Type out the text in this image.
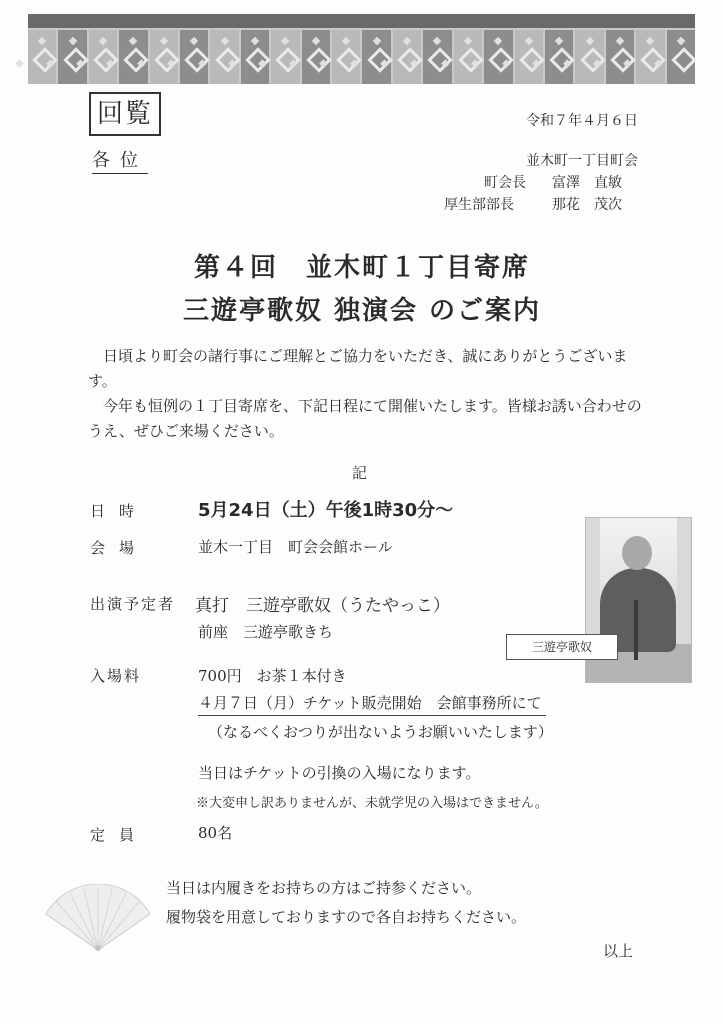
回覧	令和７年４月６日
各位	並木町一丁目町会
町会長 富澤　直敏
厚生部部長	那花　茂次
第４回　並木町１丁目寄席
三遊亭歌奴 独演会 のご案内
日頃より町会の諸行事にご理解とご協力をいただき、誠にありがとうございます。
今年も恒例の１丁目寄席を、下記日程にて開催いたします。皆様お誘い合わせのうえ、ぜひご来場ください。
記
日時	5月24日（土）午後1時30分〜
会場	並木一丁目　町会会館ホール
出演予定者 真打　三遊亭歌奴（うたやっこ）
前座　三遊亭歌きち
入場料	700円　お茶１本付き
４月７日（月）チケット販売開始　会館事務所にて
（なるべくおつりが出ないようお願いいたします）
当日はチケットの引換の入場になります。
※大変申し訳ありませんが、未就学児の入場はできません。
定員	80名
当日は内履きをお持ちの方はご持参ください。
履物袋を用意しておりますので各自お持ちください。
以上
三遊亭歌奴
